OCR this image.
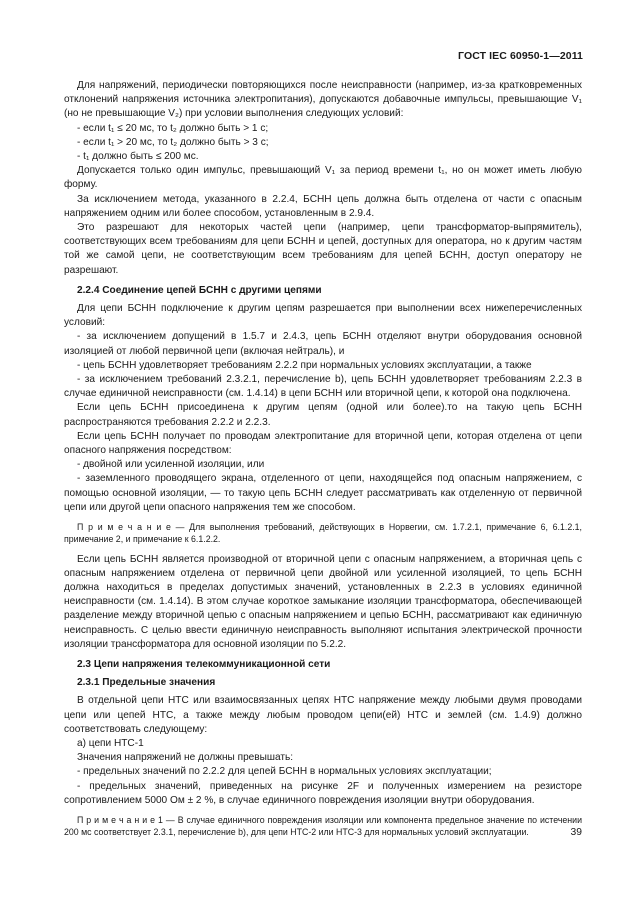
ГОСТ IEC 60950-1—2011

Для напряжений, периодически повторяющихся после неисправности (например, из-за кратковременных отклонений напряжения источника электропитания), допускаются добавочные импульсы, превышающие V₁ (но не превышающие V₂) при условии выполнения следующих условий:

- если t₁ ≤ 20 мс, то t₂ должно быть > 1 с;

- если t₁ > 20 мс, то t₂ должно быть > 3 с;

- t₁ должно быть ≤ 200 мс.

Допускается только один импульс, превышающий V₁ за период времени t₁, но он может иметь любую форму.

За исключением метода, указанного в 2.2.4, БСНН цепь должна быть отделена от части с опасным напряжением одним или более способом, установленным в 2.9.4.

Это разрешают для некоторых частей цепи (например, цепи трансформатор-выпрямитель), соответствующих всем требованиям для цепи БСНН и цепей, доступных для оператора, но к другим частям той же самой цепи, не соответствующим всем требованиям для цепей БСНН, доступ оператору не разрешают.

2.2.4 Соединение цепей БСНН с другими цепями

Для цепи БСНН подключение к другим цепям разрешается при выполнении всех нижеперечисленных условий:

- за исключением допущений в 1.5.7 и 2.4.3, цепь БСНН отделяют внутри оборудования основной изоляцией от любой первичной цепи (включая нейтраль), и

- цепь БСНН удовлетворяет требованиям 2.2.2 при нормальных условиях эксплуатации, а также

- за исключением требований 2.3.2.1, перечисление b), цепь БСНН удовлетворяет требованиям 2.2.3 в случае единичной неисправности (см. 1.4.14) в цепи БСНН или вторичной цепи, к которой она подключена.

Если цепь БСНН присоединена к другим цепям (одной или более).то на такую цепь БСНН распространяются требования 2.2.2 и 2.2.3.

Если цепь БСНН получает по проводам электропитание для вторичной цепи, которая отделена от цепи опасного напряжения посредством:

- двойной или усиленной изоляции, или

- заземленного проводящего экрана, отделенного от цепи, находящейся под опасным напряжением, с помощью основной изоляции, — то такую цепь БСНН следует рассматривать как отделенную от первичной цепи или другой цепи опасного напряжения тем же способом.

П р и м е ч а н и е — Для выполнения требований, действующих в Норвегии, см. 1.7.2.1, примечание 6, 6.1.2.1, примечание 2, и примечание к 6.1.2.2.

Если цепь БСНН является производной от вторичной цепи с опасным напряжением, а вторичная цепь с опасным напряжением отделена от первичной цепи двойной или усиленной изоляцией, то цепь БСНН должна находиться в пределах допустимых значений, установленных в 2.2.3 в условиях единичной неисправности (см. 1.4.14). В этом случае короткое замыкание изоляции трансформатора, обеспечивающей разделение между вторичной цепью с опасным напряжением и цепью БСНН, рассматривают как единичную неисправность. С целью ввести единичную неисправность выполняют испытания электрической прочности изоляции трансформатора для основной изоляции по 5.2.2.

2.3 Цепи напряжения телекоммуникационной сети

2.3.1 Предельные значения

В отдельной цепи НТС или взаимосвязанных цепях НТС напряжение между любыми двумя проводами цепи или цепей НТС, а также между любым проводом цепи(ей) НТС и землей (см. 1.4.9) должно соответствовать следующему:

а) цепи НТС-1

Значения напряжений не должны превышать:

- предельных значений по 2.2.2 для цепей БСНН в нормальных условиях эксплуатации;

- предельных значений, приведенных на рисунке 2F и полученных измерением на резисторе сопротивлением 5000 Ом ± 2 %, в случае единичного повреждения изоляции внутри оборудования.

П р и м е ч а н и е 1 — В случае единичного повреждения изоляции или компонента предельное значение по истечении 200 мс соответствует 2.3.1, перечисление b), для цепи НТС-2 или НТС-3 для нормальных условий эксплуатации.	39
